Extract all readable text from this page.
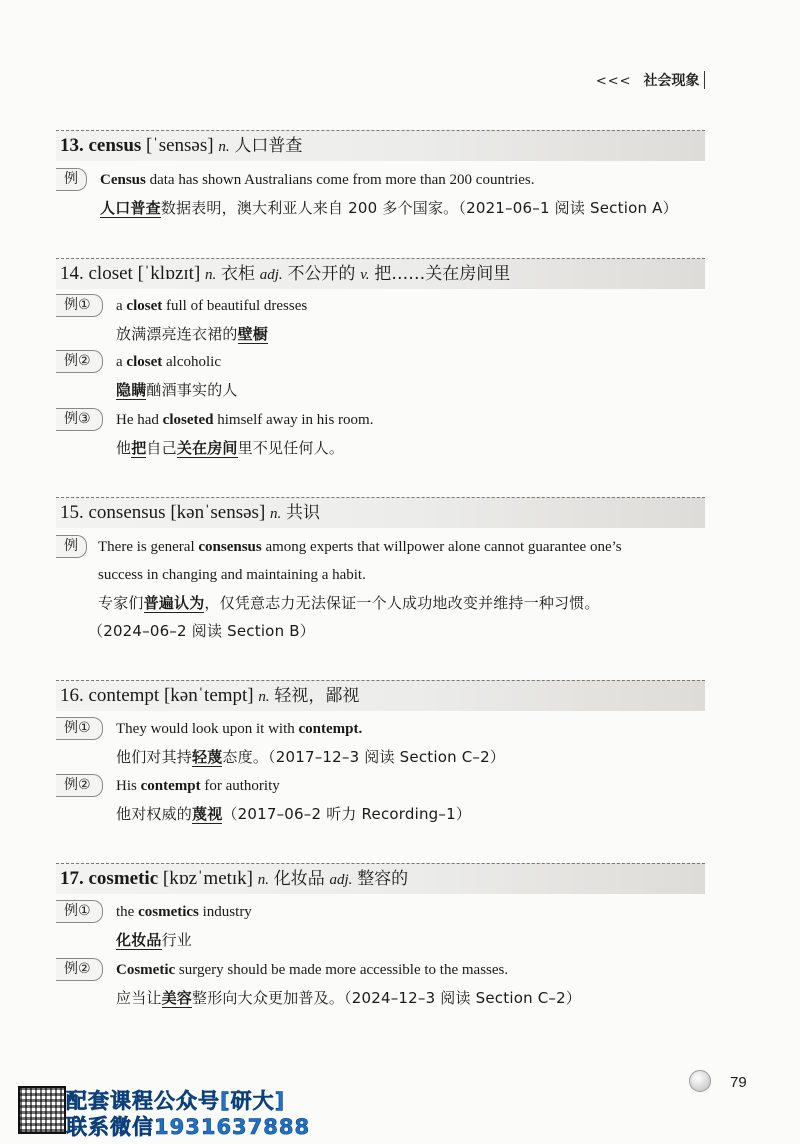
<<< 社会现象
13. census [ˈsensəs] n. 人口普查
例	Census data has shown Australians come from more than 200 countries.
人口普查数据表明，澳大利亚人来自 200 多个国家。（2021–06–1 阅读 Section A）
14. closet [ˈklɒzɪt] n. 衣柜 adj. 不公开的 v. 把……关在房间里
例①	a closet full of beautiful dresses
放满漂亮连衣裙的壁橱
例②	a closet alcoholic
隐瞒酗酒事实的人
例③	He had closeted himself away in his room.
他把自己关在房间里不见任何人。
15. consensus [kənˈsensəs] n. 共识
例	There is general consensus among experts that willpower alone cannot guarantee one’s
success in changing and maintaining a habit.
专家们普遍认为，仅凭意志力无法保证一个人成功地改变并维持一种习惯。
（2024–06–2 阅读 Section B）
16. contempt [kənˈtempt] n. 轻视，鄙视
例①	They would look upon it with contempt.
他们对其持轻蔑态度。（2017–12–3 阅读 Section C–2）
例②	His contempt for authority
他对权威的蔑视（2017–06–2 听力 Recording–1）
17. cosmetic [kɒzˈmetɪk] n. 化妆品 adj. 整容的
例①	the cosmetics industry
化妆品行业
例②	Cosmetic surgery should be made more accessible to the masses.
应当让美容整形向大众更加普及。（2024–12–3 阅读 Section C–2）
79
配套课程公众号[研大]
联系微信1931637888
